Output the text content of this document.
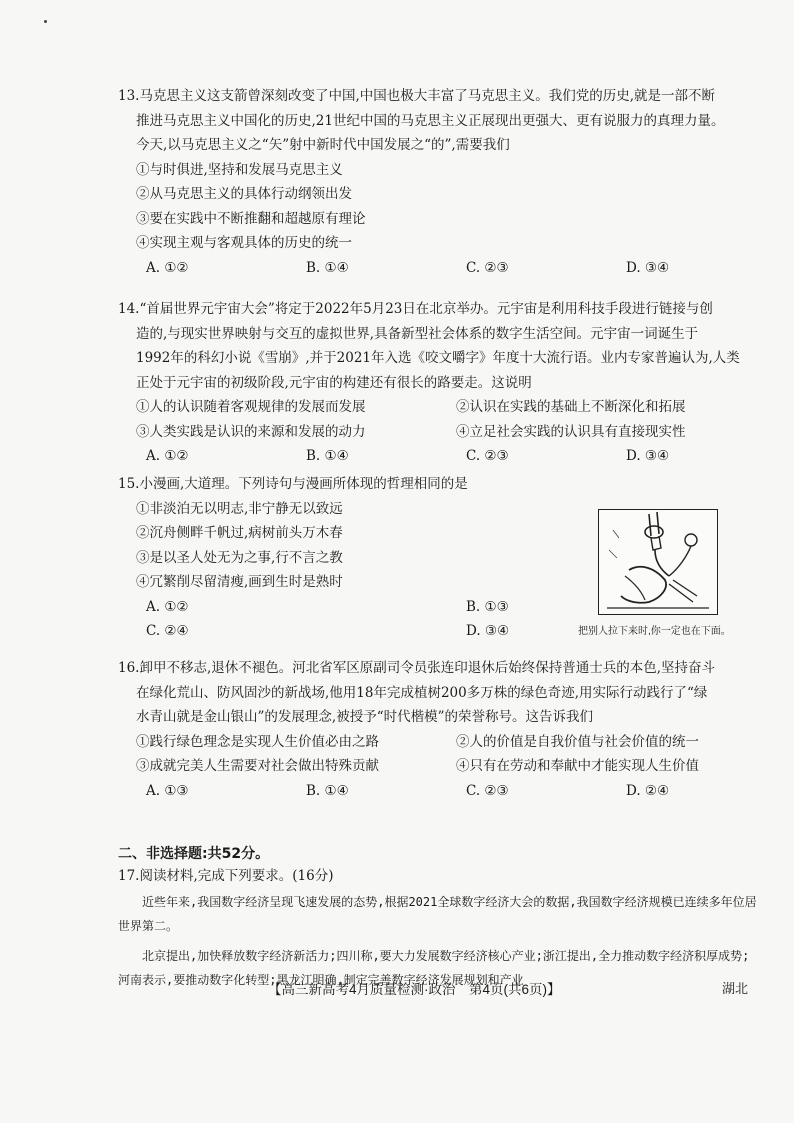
13.马克思主义这支箭曾深刻改变了中国,中国也极大丰富了马克思主义。我们党的历史,就是一部不断
推进马克思主义中国化的历史,21世纪中国的马克思主义正展现出更强大、更有说服力的真理力量。
今天,以马克思主义之“矢”射中新时代中国发展之“的”,需要我们
①与时俱进,坚持和发展马克思主义
②从马克思主义的具体行动纲领出发
③要在实践中不断推翻和超越原有理论
④实现主观与客观具体的历史的统一
A. ①②	B. ①④	C. ②③	D. ③④
14.“首届世界元宇宙大会”将定于2022年5月23日在北京举办。元宇宙是利用科技手段进行链接与创
造的,与现实世界映射与交互的虚拟世界,具备新型社会体系的数字生活空间。元宇宙一词诞生于
1992年的科幻小说《雪崩》,并于2021年入选《咬文嚼字》年度十大流行语。业内专家普遍认为,人类
正处于元宇宙的初级阶段,元宇宙的构建还有很长的路要走。这说明
①人的认识随着客观规律的发展而发展	②认识在实践的基础上不断深化和拓展
③人类实践是认识的来源和发展的动力	④立足社会实践的认识具有直接现实性
A. ①②	B. ①④	C. ②③	D. ③④
15.小漫画,大道理。下列诗句与漫画所体现的哲理相同的是
①非淡泊无以明志,非宁静无以致远
②沉舟侧畔千帆过,病树前头万木春
③是以圣人处无为之事,行不言之教
④冗繁削尽留清瘦,画到生时是熟时
A. ①②	B. ①③
C. ②④	D. ③④	把别人拉下来时,你一定也在下面。
16.卸甲不移志,退休不褪色。河北省军区原副司令员张连印退休后始终保持普通士兵的本色,坚持奋斗
在绿化荒山、防风固沙的新战场,他用18年完成植树200多万株的绿色奇迹,用实际行动践行了“绿
水青山就是金山银山”的发展理念,被授予“时代楷模”的荣誉称号。这告诉我们
①践行绿色理念是实现人生价值必由之路	②人的价值是自我价值与社会价值的统一
③成就完美人生需要对社会做出特殊贡献	④只有在劳动和奉献中才能实现人生价值
A. ①③	B. ①④	C. ②③	D. ②④
二、非选择题:共52分。
17.阅读材料,完成下列要求。(16分)

近些年来,我国数字经济呈现飞速发展的态势,根据2021全球数字经济大会的数据,我国数字经济规模已连续多年位居世界第二。

北京提出,加快释放数字经济新活力;四川称,要大力发展数字经济核心产业;浙江提出,全力推动数字经济积厚成势;河南表示,要推动数字化转型;黑龙江明确,制定完善数字经济发展规划和产业

【高三新高考4月质量检测·政治　第4页(共6页)】	湖北
